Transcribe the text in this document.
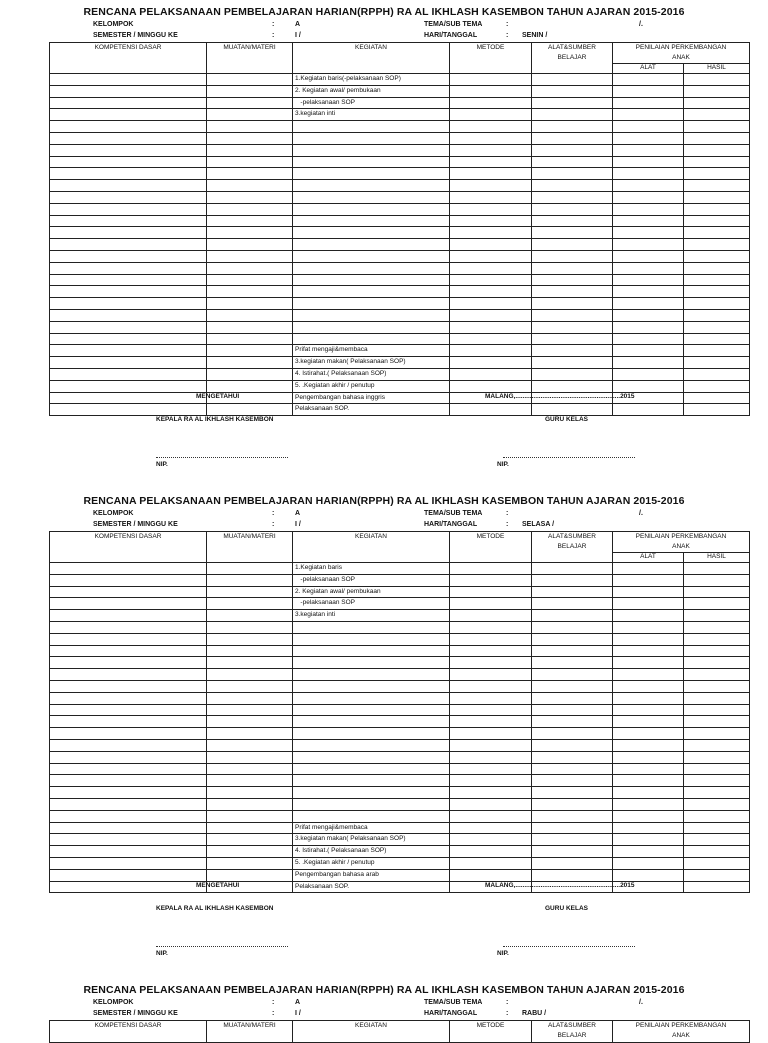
RENCANA PELAKSANAAN PEMBELAJARAN HARIAN(RPPH) RA AL IKHLASH KASEMBON TAHUN AJARAN 2015-2016
KELOMPOK	:	A	TEMA/SUB TEMA	:	/.
SEMESTER / MINGGU KE	:	I /	HARI/TANGGAL	: SENIN /
KOMPETENSI DASAR	MUATAN/MATERI	KEGIATAN	METODE	ALAT&SUMBER
BELAJAR	PENILAIAN PERKEMBANGAN
ANAK	
					ALAT	HASIL
		1.Kegiatan baris(-pelaksanaan SOP)				
		2. Kegiatan awal/ pembukaan				
		-pelaksanaan SOP				
		3.kegiatan inti				

		Prifat mengaji&membaca				
		3.kegiatan makan( Pelaksanaan SOP)				
		4. Istirahat.( Pelaksanaan SOP)				
		5. .Kegiatan akhir / penutup				
		Pengembangan bahasa inggris				
		Pelaksanaan SOP.				
MENGETAHUI	MALANG,..........................................................2015
KEPALA RA AL IKHLASH KASEMBON	GURU KELAS
NIP.	NIP.
RENCANA PELAKSANAAN PEMBELAJARAN HARIAN(RPPH) RA AL IKHLASH KASEMBON TAHUN AJARAN 2015-2016
KELOMPOK	:	A	TEMA/SUB TEMA	:	/.
SEMESTER / MINGGU KE	:	I /	HARI/TANGGAL	: SELASA /
KOMPETENSI DASAR	MUATAN/MATERI	KEGIATAN	METODE	ALAT&SUMBER
BELAJAR	PENILAIAN PERKEMBANGAN
ANAK	
					ALAT	HASIL
		1.Kegiatan baris				
		-pelaksanaan SOP				
		2. Kegiatan awal/ pembukaan				
		-pelaksanaan SOP				
		3.kegiatan inti				

		Prifat mengaji&membaca				
		3.kegiatan makan( Pelaksanaan SOP)				
		4. Istirahat.( Pelaksanaan SOP)				
		5. .Kegiatan akhir / penutup				
		Pengembangan bahasa arab				
		Pelaksanaan SOP.				
MENGETAHUI	MALANG,..........................................................2015
KEPALA RA AL IKHLASH KASEMBON	GURU KELAS
NIP.	NIP.
RENCANA PELAKSANAAN PEMBELAJARAN HARIAN(RPPH) RA AL IKHLASH KASEMBON TAHUN AJARAN 2015-2016
KELOMPOK	:	A	TEMA/SUB TEMA	:	/.
SEMESTER / MINGGU KE	:	I /	HARI/TANGGAL	: RABU /
KOMPETENSI DASAR	MUATAN/MATERI	KEGIATAN	METODE	ALAT&SUMBER
BELAJAR	PENILAIAN PERKEMBANGAN
ANAK
